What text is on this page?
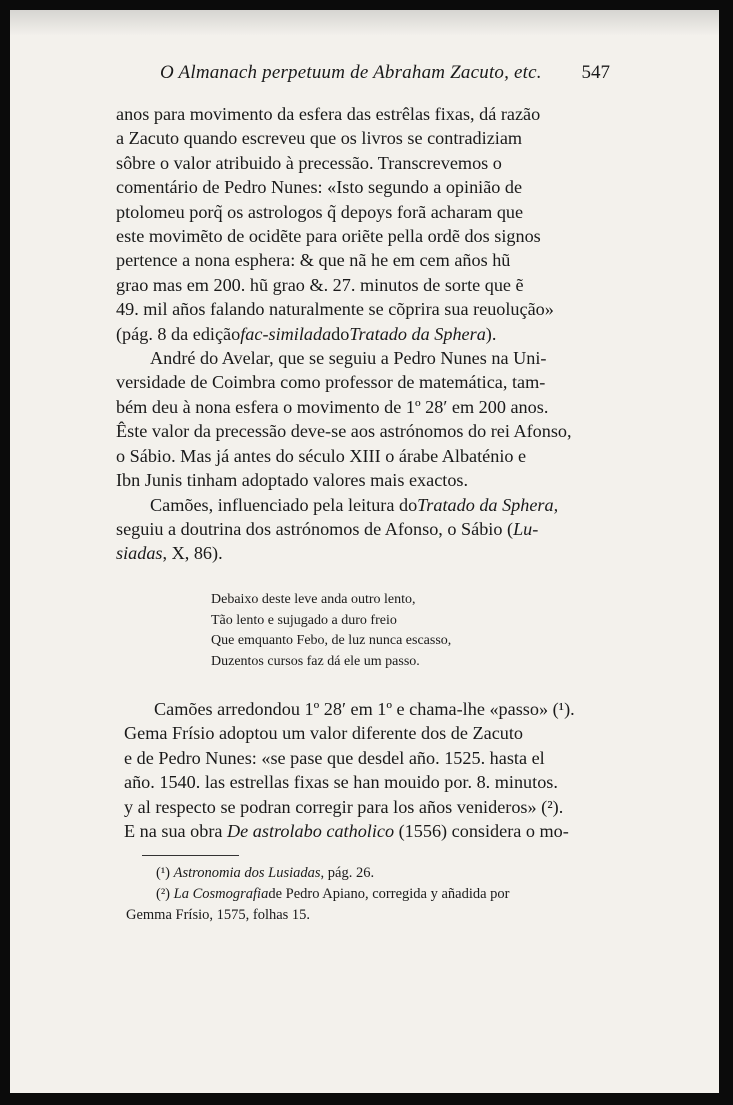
O Almanach perpetuum de Abraham Zacuto, etc. 547
anos para movimento da esfera das estrêlas fixas, dá razão
a Zacuto quando escreveu que os livros se contradiziam
sôbre o valor atribuido à precessão. Transcrevemos o
comentário de Pedro Nunes: «Isto segundo a opinião de
ptolomeu porq̃ os astrologos q̃ depoys forã acharam que
este movimẽto de ocidẽte para oriẽte pella ordẽ dos signos
pertence a nona esphera: & que nã he em cem años hũ
grao mas em 200. hũ grao &. 27. minutos de sorte que ẽ
49. mil años falando naturalmente se cõprira sua reuolução»
(pág. 8 da edição fac-similada do Tratado da Sphera ).
André do Avelar, que se seguiu a Pedro Nunes na Uni-
versidade de Coimbra como professor de matemática, tam-
bém deu à nona esfera o movimento de 1º 28′ em 200 anos.
Êste valor da precessão deve-se aos astrónomos do rei Afonso,
o Sábio. Mas já antes do século XIII o árabe Albaténio e
Ibn Junis tinham adoptado valores mais exactos.
Camões, influenciado pela leitura do Tratado da Sphera,
seguiu a doutrina dos astrónomos de Afonso, o Sábio ( Lu-
siadas , X, 86).
Debaixo deste leve anda outro lento,
Tão lento e sujugado a duro freio
Que emquanto Febo, de luz nunca escasso,
Duzentos cursos faz dá ele um passo.
Camões arredondou 1º 28′ em 1º e chama-lhe «passo» (¹).
Gema Frísio adoptou um valor diferente dos de Zacuto
e de Pedro Nunes: «se pase que desdel año. 1525. hasta el
año. 1540. las estrellas fixas se han mouido por. 8. minutos.
y al respecto se podran corregir para los años venideros» (²).
E na sua obra De astrolabo catholico (1556) considera o mo-
(¹)
Astronomia dos Lusiadas , pág. 26.
(²)
La Cosmografia de Pedro Apiano, corregida y añadida por
Gemma Frísio, 1575, folhas 15.
